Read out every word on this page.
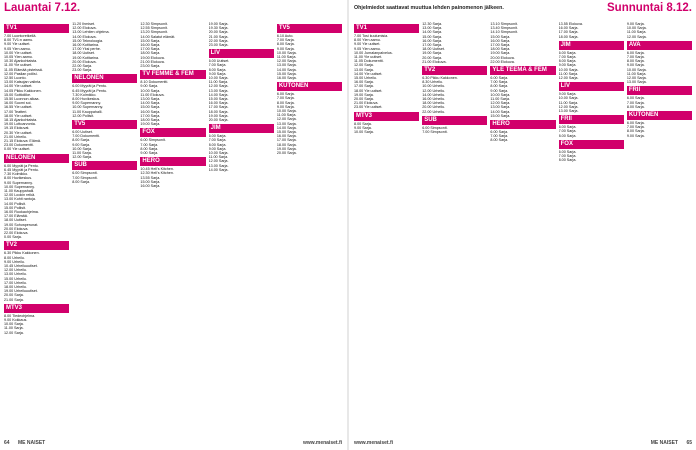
Lauantai 7.12.
TV1

7.00 Luontoretkellä.

8.00 TV1:n aamu.

9.00 Yle uutiset.

9.05 Ylen aamu.

10.00 Yle uutiset.

10.05 Ylen aamu.

10.30 Ajankohtaista.

11.00 Yle uutiset.

11.05 Elämää pisteissä.

12.00 Pasilan poliisi.

12.50 Luonto.

13.00 Katsojan valinta.

14.00 Yle uutiset.

14.05 Pikku Kakkonen.

15.00 Soittoliike.

15.50 Luonnon aikaa.

16.00 Suomi soi.

16.55 Yle uutiset.

17.00 Teatteri.

18.00 Yle uutiset.

18.15 Ajankohtaista.

19.00 Lottoarvonta.

19.15 Elokuvat.

20.30 Yle uutiset.

21.00 Urheilu.

21.15 Elokuva: Elämä.

23.00 Dokumentti.

0.00 Yle uutiset.

NELONEN

6.00 Myyrät ja Pentu.

6.45 Myyrät ja Pentu.

7.30 Kolmikko.

8.00 Huvikeskus.

9.00 Supernanny.

10.00 Supernanny.

11.00 Kauppahalli.

12.00 Lookin reikä.

13.00 Kohti rantoja.

14.00 Poliisit.

15.00 Poliisit.

16.00 Ruokaohjelma.

17.00 Elämää.

18.00 Uutiset.

19.00 Sohvaperunat.

20.00 Elokuva.

22.00 Elokuva.

0.00 Sarja.

TV2

6.30 Pikku Kakkonen.

8.00 Urheilu.

9.00 Urheilu.

10.45 Urheiluuutiset.

12.00 Urheilu.

13.00 Urheilu.

15.00 Urheilu.

17.00 Urheilu.

18.00 Urheilu.

19.00 Urheiluuutiset.

20.00 Sarja.

21.00 Sarja.

MTV3

8.00 Tiedeohjelma.

9.00 Kokkaus.

10.00 Sarja.

11.00 Sarja.

12.00 Sarja.

11.20 Ihmiset.

12.00 Elokuva.

13.00 Lehtien ohjelma.

14.00 Elokuva.

15.00 Teknoloogia.

16.00 Kotitarina.

17.00 Yksi perhe.

18.00 Uutiset.

19.00 Kotitarina.

20.00 Elokuva.

22.00 Sarja.

23.00 Sarja.

NELONEN

6.00 Myyrät ja Pentu.

6.45 Myyrät ja Pentu.

7.30 Kolmikko.

8.00 Huvikeskus.

9.00 Supernanny.

10.00 Supernanny.

11.00 Kauppahalli.

12.00 Poliisit.

TV5

6.00 Uutiset.

7.00 Dokumentti.

8.00 Sarja.

9.00 Sarja.

10.00 Sarja.

11.00 Sarja.

12.00 Sarja.

SUB

6.00 Simpsonit.

7.00 Simpsonit.

8.00 Sarja.

12.30 Simpsonit.

12.55 Simpsonit.

13.20 Simpsonit.

14.00 Salatut elämät.

15.00 Sarja.

16.00 Sarja.

17.00 Sarja.

18.00 Sarja.

19.00 Elokuva.

21.00 Elokuva.

23.00 Sarja.

TV FEMME & FEM

8.10 Dokumentti.

9.00 Sarja.

10.00 Sarja.

11.00 Elokuva.

13.00 Sarja.

14.00 Sarja.

15.00 Sarja.

16.00 Sarja.

17.00 Sarja.

18.00 Sarja.

19.00 Sarja.

FOX

6.00 Simpsonit.

7.00 Sarja.

8.00 Sarja.

9.00 Sarja.

HERO

10.45 Hell's Kitchen.

12.30 Hell's Kitchen.

13.55 Sarja.

15.00 Sarja.

16.00 Sarja.

19.00 Sarja.

19.30 Sarja.

20.00 Sarja.

21.00 Sarja.

22.00 Sarja.

23.00 Sarja.

LIV

6.00 Uutiset.

7.00 Sarja.

8.00 Sarja.

9.00 Sarja.

10.00 Sarja.

11.00 Sarja.

12.00 Sarja.

13.00 Sarja.

14.00 Sarja.

15.00 Sarja.

16.00 Sarja.

17.00 Sarja.

18.00 Sarja.

19.00 Sarja.

20.00 Sarja.

JIM

6.00 Sarja.

7.00 Sarja.

8.00 Sarja.

9.00 Sarja.

10.00 Sarja.

11.00 Sarja.

12.00 Sarja.

13.00 Sarja.

14.00 Sarja.

TV5

6.10 Auto.

7.00 Sarja.

8.00 Sarja.

9.00 Sarja.

10.00 Sarja.

11.00 Sarja.

12.00 Sarja.

13.00 Sarja.

14.00 Sarja.

15.00 Sarja.

16.00 Sarja.

KUTONEN

6.00 Sarja.

7.00 Sarja.

8.00 Sarja.

9.00 Sarja.

10.00 Sarja.

11.00 Sarja.

12.00 Sarja.

13.00 Sarja.

14.00 Sarja.

15.00 Sarja.

16.00 Sarja.

17.00 Sarja.

18.00 Sarja.

19.00 Sarja.

20.00 Sarja.

64 ME NAISET	www.menaiset.fi
Ohjelmiedot saattavat muuttua lehden painomenon jälkeen.	Sunnuntai 8.12.
TV1

7.00 Tosi kuulumisia.

8.00 Ylen aamu.

9.00 Yle uutiset.

9.05 Ylen aamu.

10.00 Jumalanpalvelus.

11.00 Yle uutiset.

11.05 Dokumentti.

12.00 Sarja.

13.00 Sarja.

14.00 Yle uutiset.

15.00 Urheilu.

16.00 Sarja.

17.00 Sarja.

18.00 Yle uutiset.

19.00 Sarja.

20.00 Sarja.

21.00 Elokuva.

23.00 Yle uutiset.

MTV3

8.00 Sarja.

9.00 Sarja.

10.00 Sarja.

12.30 Sarja.

13.00 Sarja.

14.00 Sarja.

15.00 Sarja.

16.00 Sarja.

17.00 Sarja.

18.00 Uutiset.

19.00 Sarja.

20.00 Sarja.

21.00 Elokuva.

TV2

6.30 Pikku Kakkonen.

8.30 Urheilu.

10.00 Urheilu.

12.00 Urheilu.

14.00 Urheilu.

16.00 Urheilu.

18.00 Urheilu.

20.00 Urheilu.

22.00 Urheilu.

SUB

6.00 Simpsonit.

7.00 Simpsonit.

13.10 Simpsonit.

13.40 Simpsonit.

14.10 Simpsonit.

15.00 Sarja.

16.00 Sarja.

17.00 Sarja.

18.00 Sarja.

19.00 Sarja.

20.00 Elokuva.

22.00 Elokuva.

YLE TEEMA & FEM

6.00 Sarja.

7.00 Sarja.

8.00 Sarja.

9.00 Sarja.

10.00 Sarja.

11.00 Sarja.

12.00 Sarja.

13.00 Sarja.

14.00 Sarja.

15.00 Sarja.

HERO

6.00 Sarja.

7.00 Sarja.

8.00 Sarja.

13.55 Elokuva.

16.00 Sarja.

17.00 Sarja.

18.00 Sarja.

JIM

6.00 Sarja.

7.00 Sarja.

8.00 Sarja.

9.00 Sarja.

10.00 Sarja.

11.00 Sarja.

12.00 Sarja.

LIV

9.00 Sarja.

10.00 Sarja.

11.00 Sarja.

12.00 Sarja.

13.00 Sarja.

FRII

6.00 Sarja.

7.00 Sarja.

8.00 Sarja.

FOX

6.00 Sarja.

7.00 Sarja.

8.00 Sarja.

9.00 Sarja.

10.00 Sarja.

11.00 Sarja.

12.00 Sarja.

AVA

6.00 Sarja.

7.00 Sarja.

8.00 Sarja.

9.00 Sarja.

10.00 Sarja.

11.00 Sarja.

12.00 Sarja.

13.00 Sarja.

FRII

6.00 Sarja.

7.00 Sarja.

8.00 Sarja.

KUTONEN

6.00 Sarja.

7.00 Sarja.

8.00 Sarja.

9.00 Sarja.

www.menaiset.fi	ME NAISET 65
